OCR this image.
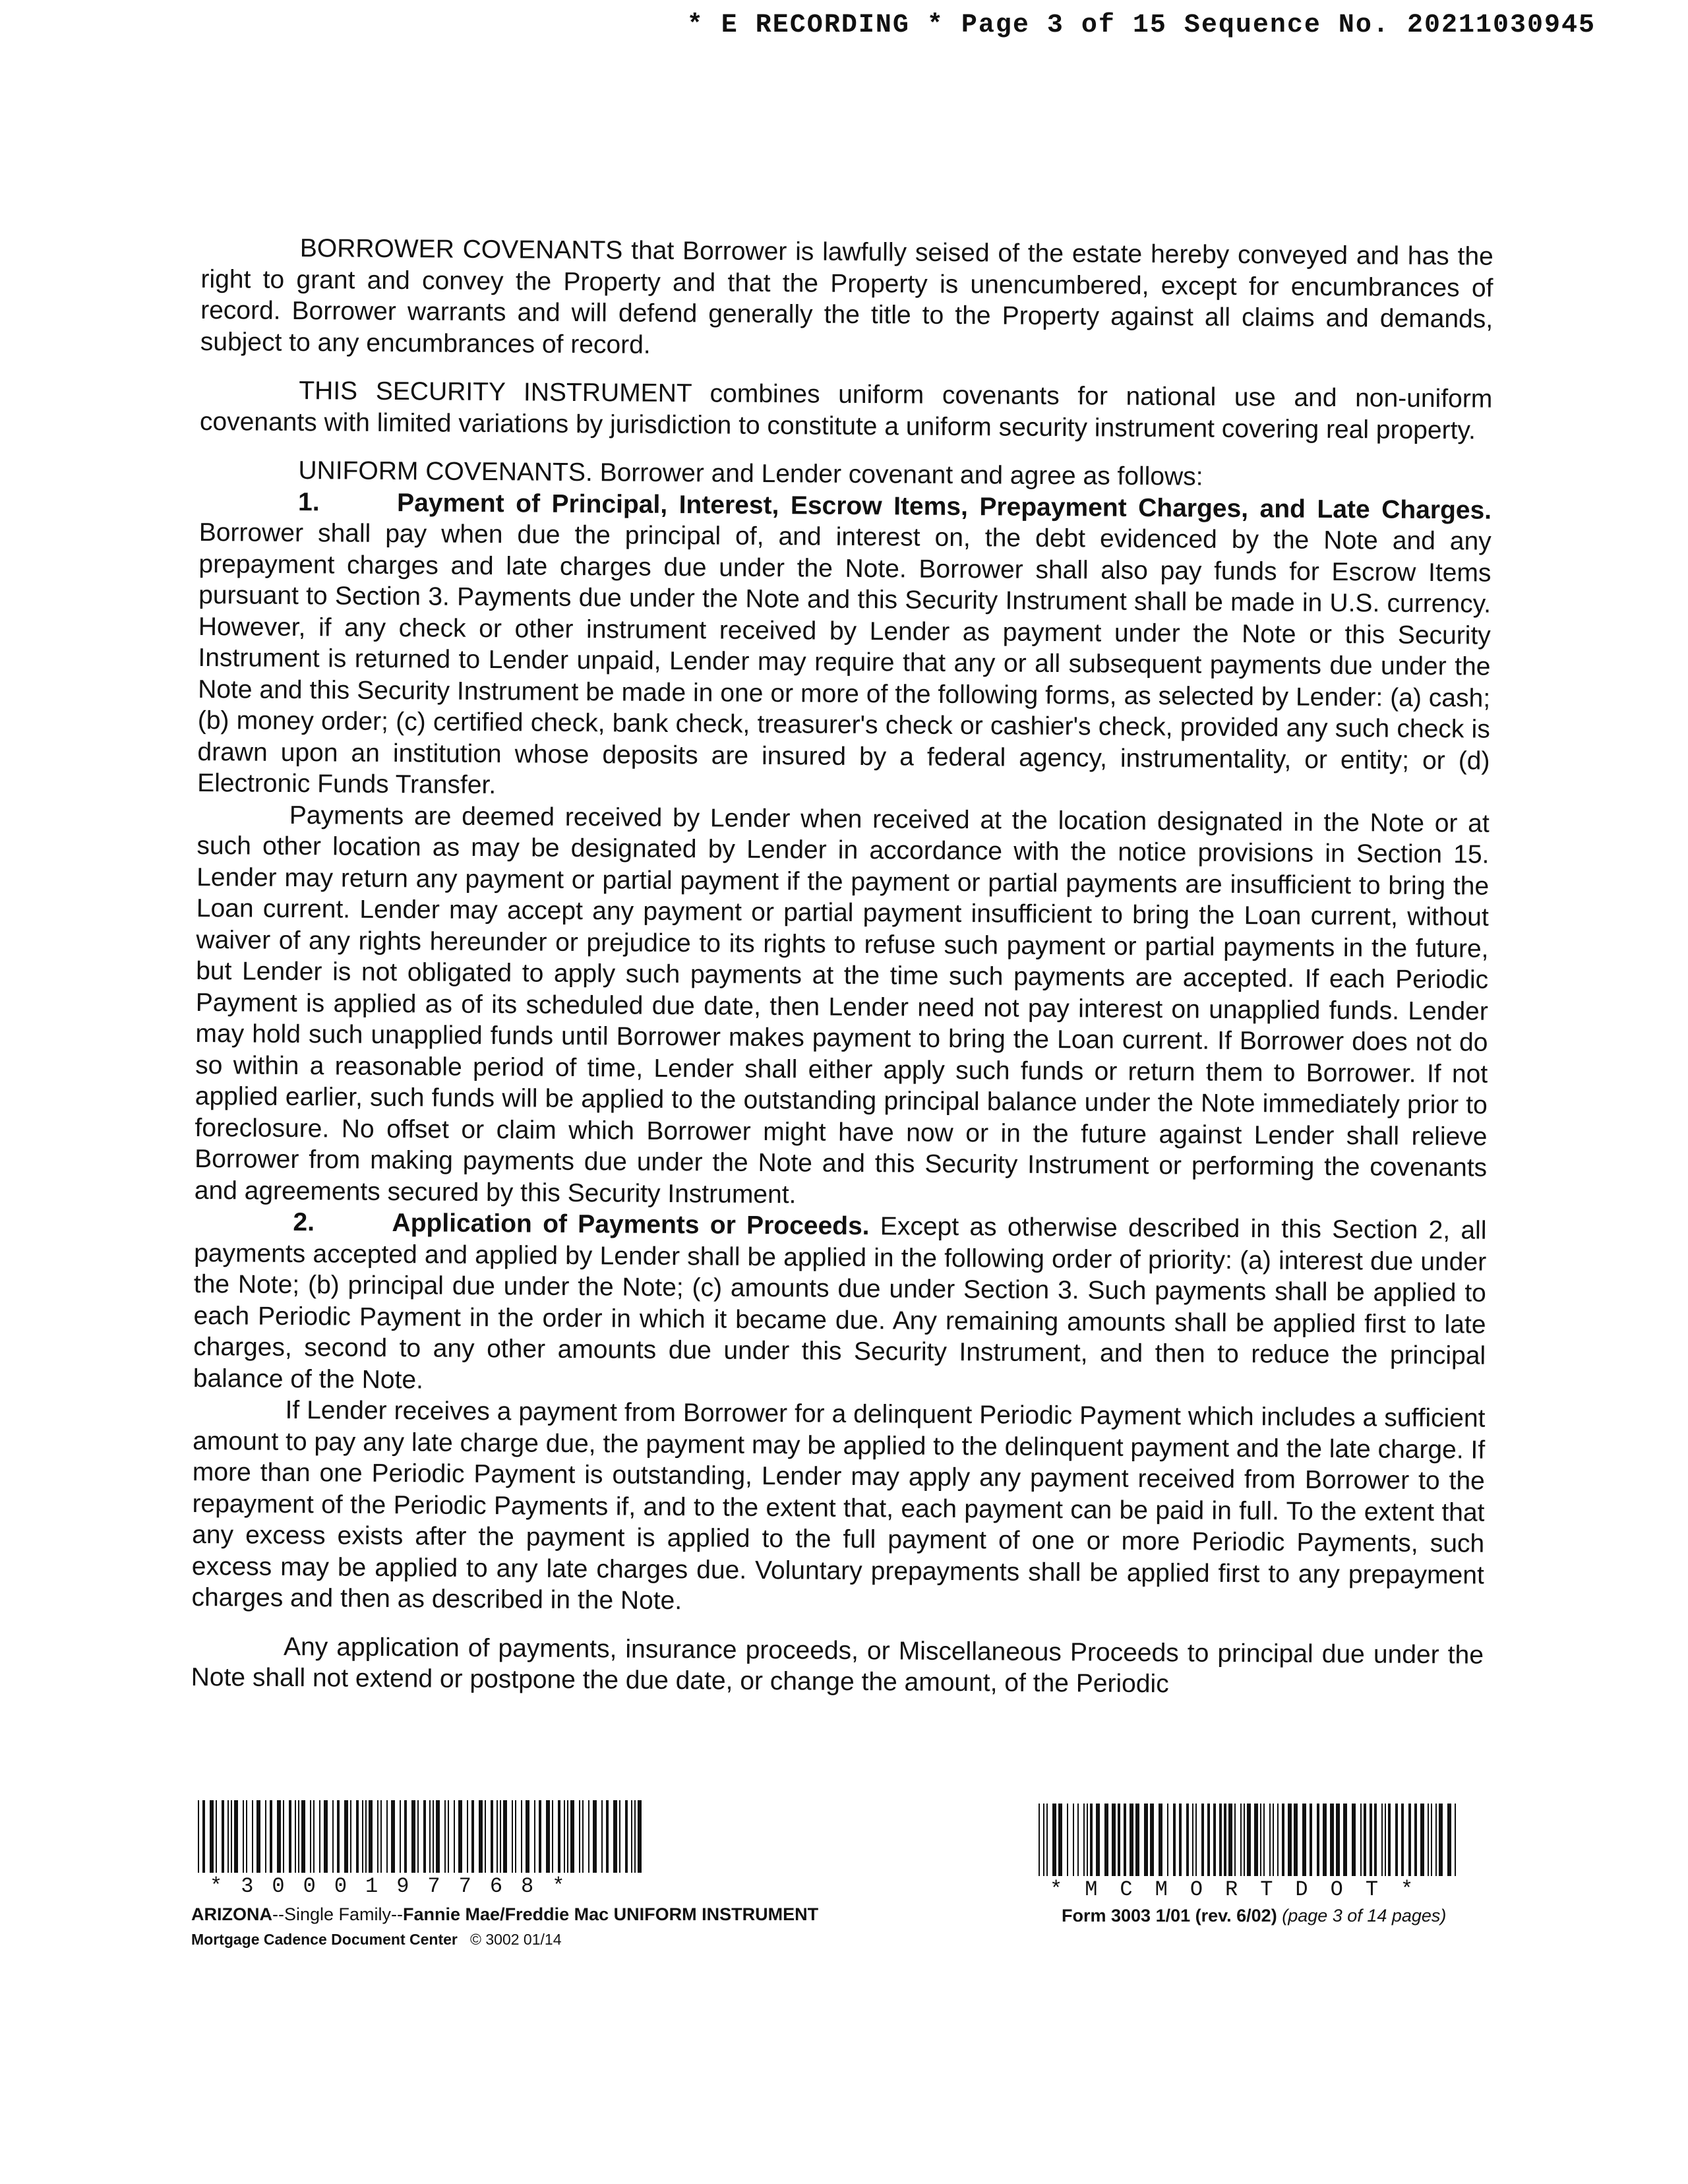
* E RECORDING * Page 3 of 15 Sequence No. 20211030945

BORROWER COVENANTS that Borrower is lawfully seised of the estate hereby conveyed and has the right to grant and convey the Property and that the Property is unencumbered, except for encumbrances of record. Borrower warrants and will defend generally the title to the Property against all claims and demands, subject to any encumbrances of record.

THIS SECURITY INSTRUMENT combines uniform covenants for national use and non-uniform covenants with limited variations by jurisdiction to constitute a uniform security instrument covering real property.

UNIFORM COVENANTS. Borrower and Lender covenant and agree as follows:

1.	Payment of Principal, Interest, Escrow Items, Prepayment Charges, and Late Charges. Borrower shall pay when due the principal of, and interest on, the debt evidenced by the Note and any prepayment charges and late charges due under the Note. Borrower shall also pay funds for Escrow Items pursuant to Section 3. Payments due under the Note and this Security Instrument shall be made in U.S. currency. However, if any check or other instrument received by Lender as payment under the Note or this Security Instrument is returned to Lender unpaid, Lender may require that any or all subsequent payments due under the Note and this Security Instrument be made in one or more of the following forms, as selected by Lender: (a) cash; (b) money order; (c) certified check, bank check, treasurer's check or cashier's check, provided any such check is drawn upon an institution whose deposits are insured by a federal agency, instrumentality, or entity; or (d) Electronic Funds Transfer.

Payments are deemed received by Lender when received at the location designated in the Note or at such other location as may be designated by Lender in accordance with the notice provisions in Section 15. Lender may return any payment or partial payment if the payment or partial payments are insufficient to bring the Loan current. Lender may accept any payment or partial payment insufficient to bring the Loan current, without waiver of any rights hereunder or prejudice to its rights to refuse such payment or partial payments in the future, but Lender is not obligated to apply such payments at the time such payments are accepted. If each Periodic Payment is applied as of its scheduled due date, then Lender need not pay interest on unapplied funds. Lender may hold such unapplied funds until Borrower makes payment to bring the Loan current. If Borrower does not do so within a reasonable period of time, Lender shall either apply such funds or return them to Borrower. If not applied earlier, such funds will be applied to the outstanding principal balance under the Note immediately prior to foreclosure. No offset or claim which Borrower might have now or in the future against Lender shall relieve Borrower from making payments due under the Note and this Security Instrument or performing the covenants and agreements secured by this Security Instrument.

2.	Application of Payments or Proceeds. Except as otherwise described in this Section 2, all payments accepted and applied by Lender shall be applied in the following order of priority: (a) interest due under the Note; (b) principal due under the Note; (c) amounts due under Section 3. Such payments shall be applied to each Periodic Payment in the order in which it became due. Any remaining amounts shall be applied first to late charges, second to any other amounts due under this Security Instrument, and then to reduce the principal balance of the Note.

If Lender receives a payment from Borrower for a delinquent Periodic Payment which includes a sufficient amount to pay any late charge due, the payment may be applied to the delinquent payment and the late charge. If more than one Periodic Payment is outstanding, Lender may apply any payment received from Borrower to the repayment of the Periodic Payments if, and to the extent that, each payment can be paid in full. To the extent that any excess exists after the payment is applied to the full payment of one or more Periodic Payments, such excess may be applied to any late charges due. Voluntary prepayments shall be applied first to any prepayment charges and then as described in the Note.

Any application of payments, insurance proceeds, or Miscellaneous Proceeds to principal due under the Note shall not extend or postpone the due date, or change the amount, of the Periodic

*3000197768*	*MCMORTDOT*
ARIZONA--Single Family--Fannie Mae/Freddie Mac UNIFORM INSTRUMENT
Mortgage Cadence Document Center © 3002 01/14
Form 3003 1/01 (rev. 6/02) (page 3 of 14 pages)
